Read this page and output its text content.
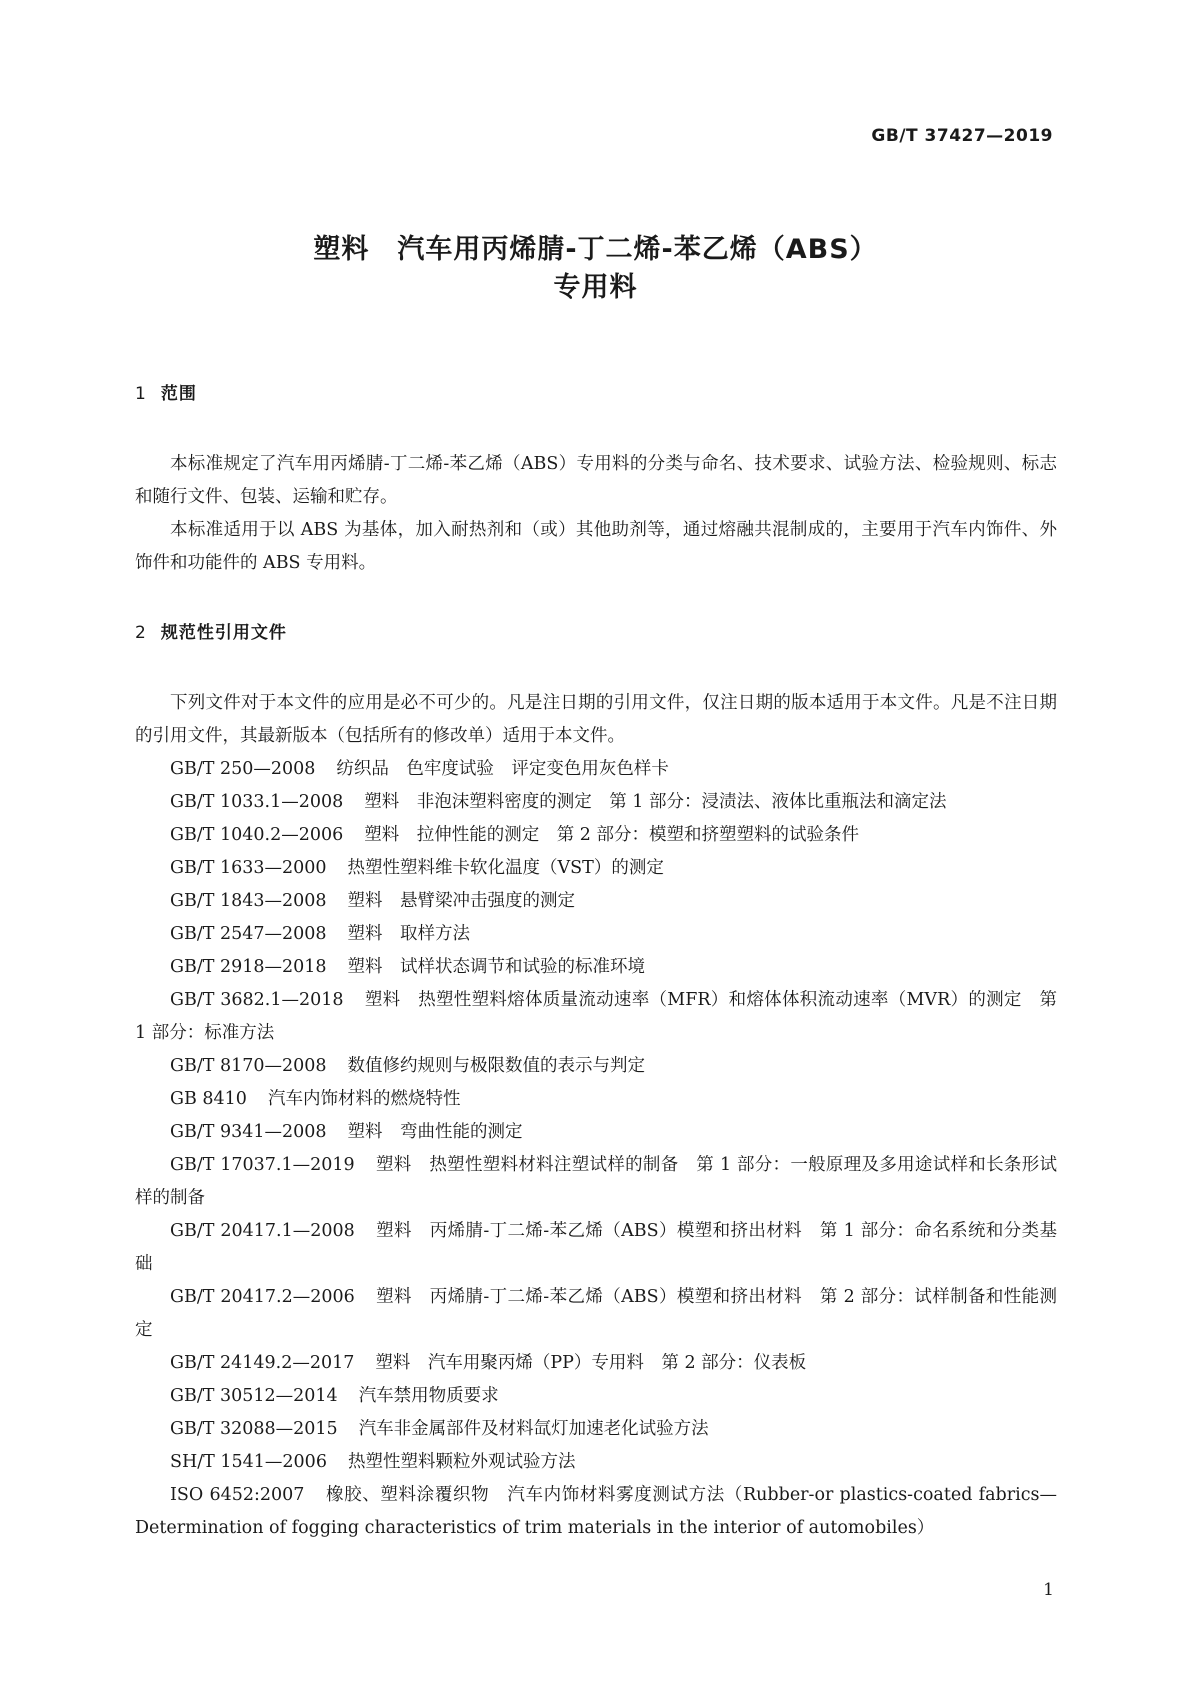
GB/T 37427—2019
塑料　汽车用丙烯腈-丁二烯-苯乙烯（ABS）
专用料
1 范围

本标准规定了汽车用丙烯腈-丁二烯-苯乙烯（ABS）专用料的分类与命名、技术要求、试验方法、检验规则、标志和随行文件、包装、运输和贮存。

本标准适用于以 ABS 为基体，加入耐热剂和（或）其他助剂等，通过熔融共混制成的，主要用于汽车内饰件、外饰件和功能件的 ABS 专用料。

2 规范性引用文件

下列文件对于本文件的应用是必不可少的。凡是注日期的引用文件，仅注日期的版本适用于本文件。凡是不注日期的引用文件，其最新版本（包括所有的修改单）适用于本文件。

GB/T 250—2008 纺织品　色牢度试验　评定变色用灰色样卡

GB/T 1033.1—2008 塑料　非泡沫塑料密度的测定　第 1 部分：浸渍法、液体比重瓶法和滴定法

GB/T 1040.2—2006 塑料　拉伸性能的测定　第 2 部分：模塑和挤塑塑料的试验条件

GB/T 1633—2000 热塑性塑料维卡软化温度（VST）的测定

GB/T 1843—2008 塑料　悬臂梁冲击强度的测定

GB/T 2547—2008 塑料　取样方法

GB/T 2918—2018 塑料　试样状态调节和试验的标准环境

GB/T 3682.1—2018 塑料　热塑性塑料熔体质量流动速率（MFR）和熔体体积流动速率（MVR）的测定　第 1 部分：标准方法

GB/T 8170—2008 数值修约规则与极限数值的表示与判定

GB 8410 汽车内饰材料的燃烧特性

GB/T 9341—2008 塑料　弯曲性能的测定

GB/T 17037.1—2019 塑料　热塑性塑料材料注塑试样的制备　第 1 部分：一般原理及多用途试样和长条形试样的制备

GB/T 20417.1—2008 塑料　丙烯腈-丁二烯-苯乙烯（ABS）模塑和挤出材料　第 1 部分：命名系统和分类基础

GB/T 20417.2—2006 塑料　丙烯腈-丁二烯-苯乙烯（ABS）模塑和挤出材料　第 2 部分：试样制备和性能测定

GB/T 24149.2—2017 塑料　汽车用聚丙烯（PP）专用料　第 2 部分：仪表板

GB/T 30512—2014 汽车禁用物质要求

GB/T 32088—2015 汽车非金属部件及材料氙灯加速老化试验方法

SH/T 1541—2006 热塑性塑料颗粒外观试验方法

ISO 6452:2007 橡胶、塑料涂覆织物　汽车内饰材料雾度测试方法（Rubber-or plastics-coated fabrics—Determination of fogging characteristics of trim materials in the interior of automobiles）

1
